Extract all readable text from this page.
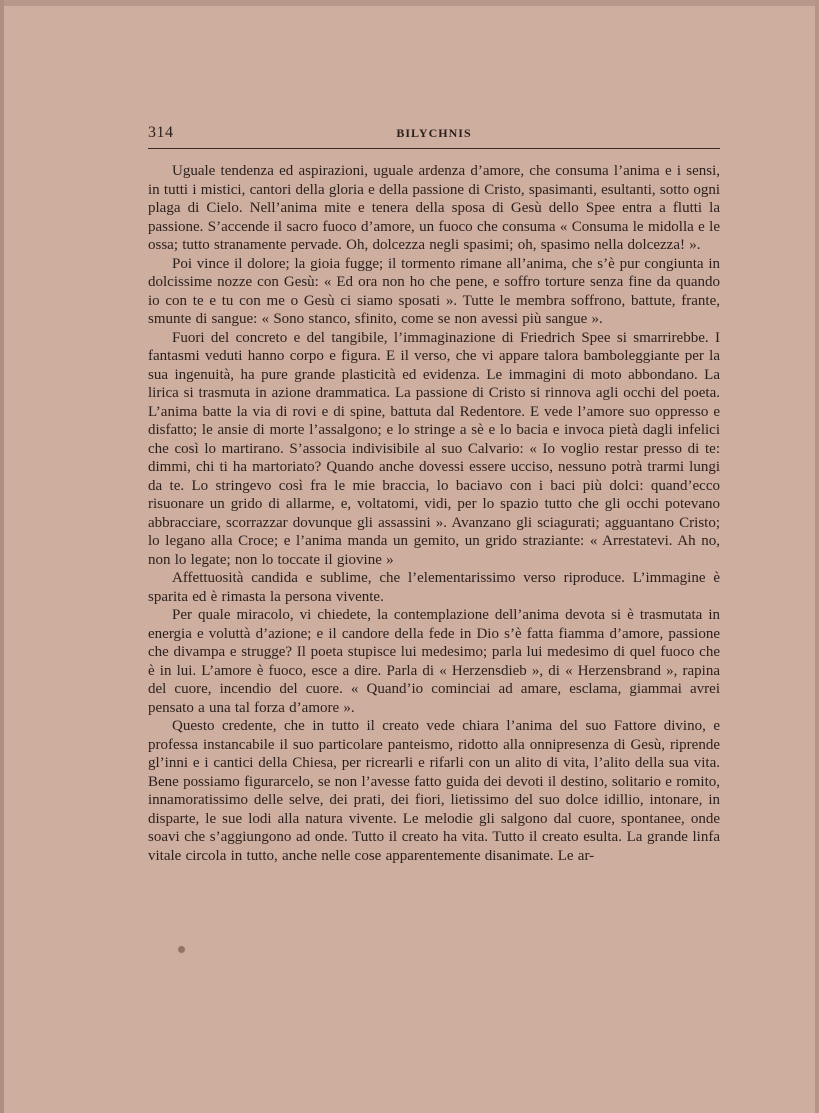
314	BILYCHNIS

Uguale tendenza ed aspirazioni, uguale ardenza d’amore, che consuma l’anima e i sensi, in tutti i mistici, cantori della gloria e della passione di Cristo, spasimanti, esultanti, sotto ogni plaga di Cielo. Nell’anima mite e tenera della sposa di Gesù dello Spee entra a flutti la passione. S’accende il sacro fuoco d’amore, un fuoco che consuma « Consuma le midolla e le ossa; tutto stranamente pervade. Oh, dolcezza negli spasimi; oh, spasimo nella dolcezza! ».

Poi vince il dolore; la gioia fugge; il tormento rimane all’anima, che s’è pur congiunta in dolcissime nozze con Gesù: « Ed ora non ho che pene, e soffro torture senza fine da quando io con te e tu con me o Gesù ci siamo sposati ». Tutte le membra soffrono, battute, frante, smunte di sangue: « Sono stanco, sfinito, come se non avessi più sangue ».

Fuori del concreto e del tangibile, l’immaginazione di Friedrich Spee si smarrirebbe. I fantasmi veduti hanno corpo e figura. E il verso, che vi appare talora bamboleggiante per la sua ingenuità, ha pure grande plasticità ed evidenza. Le immagini di moto abbondano. La lirica si trasmuta in azione drammatica. La passione di Cristo si rinnova agli occhi del poeta. L’anima batte la via di rovi e di spine, battuta dal Redentore. E vede l’amore suo oppresso e disfatto; le ansie di morte l’assalgono; e lo stringe a sè e lo bacia e invoca pietà dagli infelici che così lo martirano. S’associa indivisibile al suo Calvario: « Io voglio restar presso di te: dimmi, chi ti ha martoriato? Quando anche dovessi essere ucciso, nessuno potrà trarmi lungi da te. Lo stringevo così fra le mie braccia, lo baciavo con i baci più dolci: quand’ecco risuonare un grido di allarme, e, voltatomi, vidi, per lo spazio tutto che gli occhi potevano abbracciare, scorrazzar dovunque gli assassini ». Avanzano gli sciagurati; agguantano Cristo; lo legano alla Croce; e l’anima manda un gemito, un grido straziante: « Arrestatevi. Ah no, non lo legate; non lo toccate il giovine »

Affettuosità candida e sublime, che l’elementarissimo verso riproduce. L’immagine è sparita ed è rimasta la persona vivente.

Per quale miracolo, vi chiedete, la contemplazione dell’anima devota si è trasmutata in energia e voluttà d’azione; e il candore della fede in Dio s’è fatta fiamma d’amore, passione che divampa e strugge? Il poeta stupisce lui medesimo; parla lui medesimo di quel fuoco che è in lui. L’amore è fuoco, esce a dire. Parla di « Herzensdieb », di « Herzensbrand », rapina del cuore, incendio del cuore. « Quand’io cominciai ad amare, esclama, giammai avrei pensato a una tal forza d’amore ».

Questo credente, che in tutto il creato vede chiara l’anima del suo Fattore divino, e professa instancabile il suo particolare panteismo, ridotto alla onnipresenza di Gesù, riprende gl’inni e i cantici della Chiesa, per ricrearli e rifarli con un alito di vita, l’alito della sua vita. Bene possiamo figurarcelo, se non l’avesse fatto guida dei devoti il destino, solitario e romito, innamoratissimo delle selve, dei prati, dei fiori, lietissimo del suo dolce idillio, intonare, in disparte, le sue lodi alla natura vivente. Le melodie gli salgono dal cuore, spontanee, onde soavi che s’aggiungono ad onde. Tutto il creato ha vita. Tutto il creato esulta. La grande linfa vitale circola in tutto, anche nelle cose apparentemente disanimate. Le ar-
